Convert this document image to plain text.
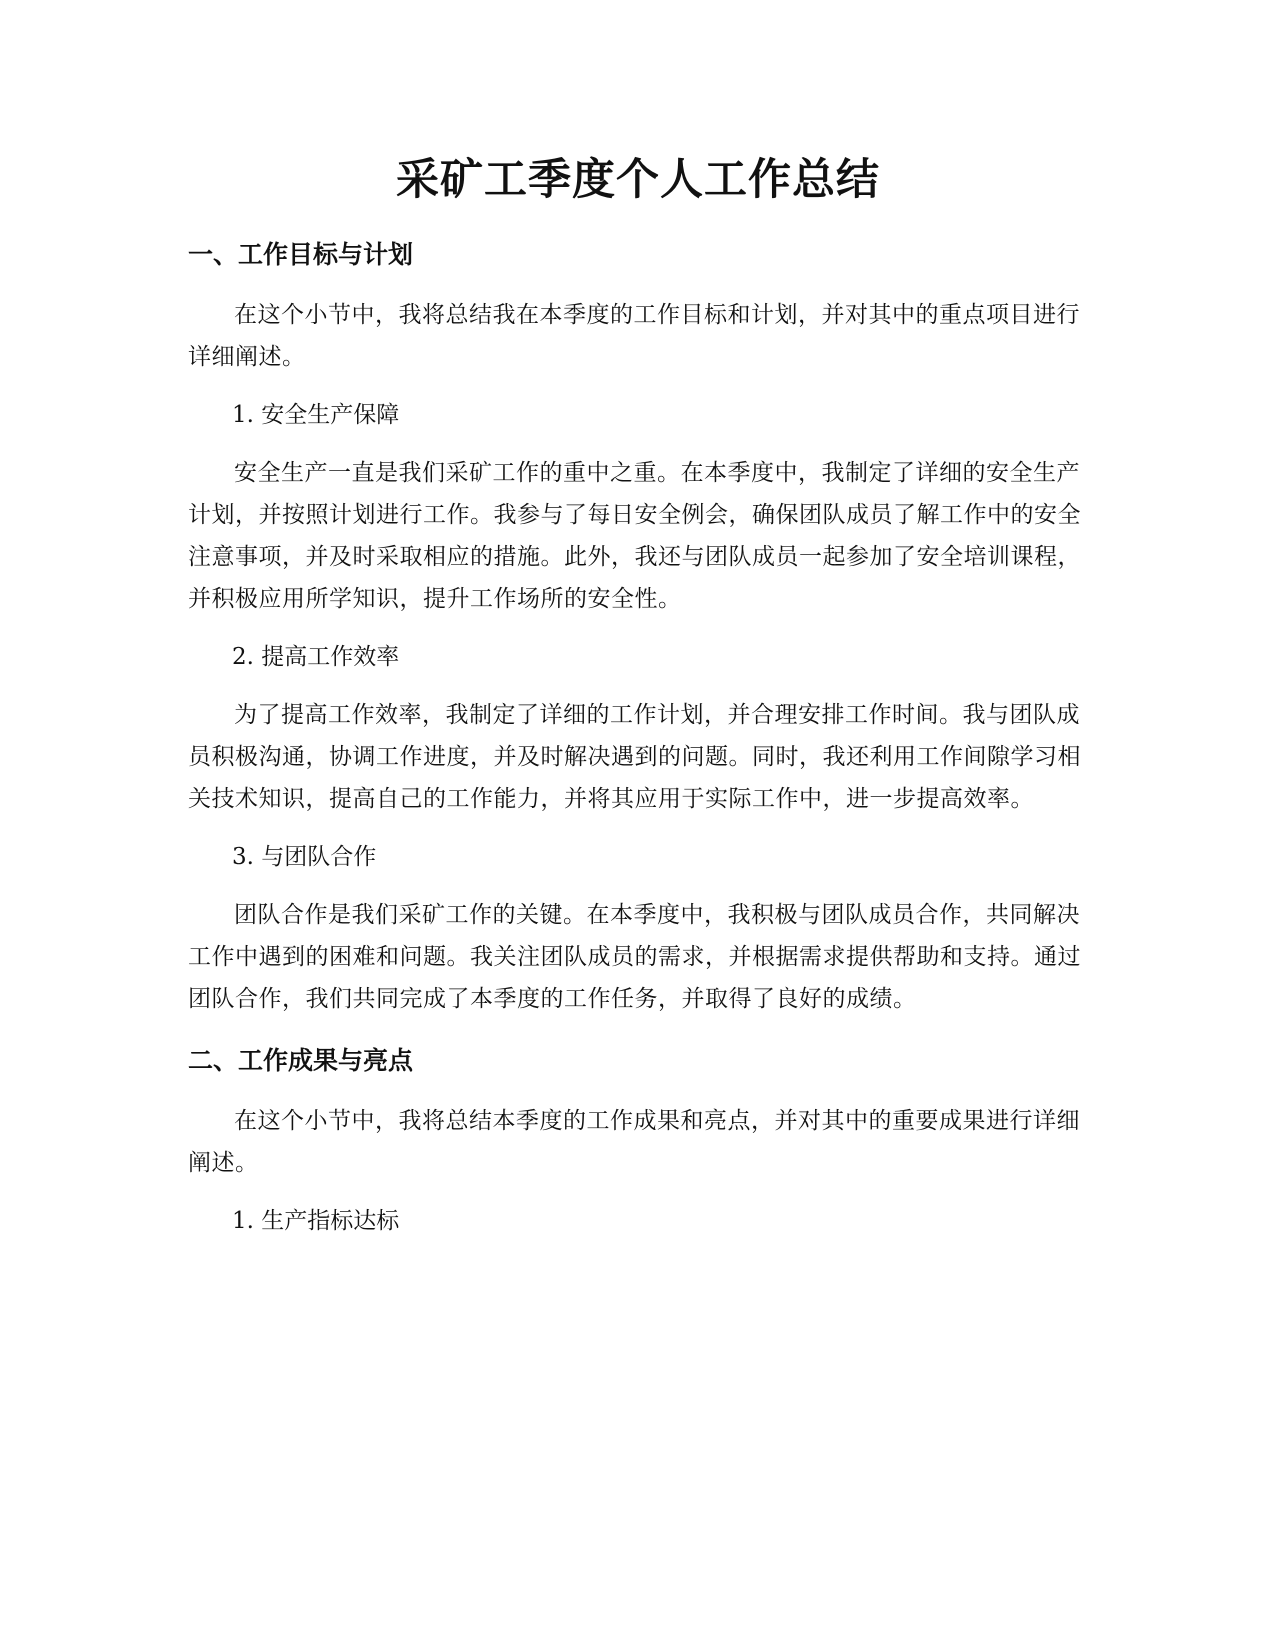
采矿工季度个人工作总结
一、工作目标与计划

在这个小节中，我将总结我在本季度的工作目标和计划，并对其中的重点项目进行详细阐述。

1. 安全生产保障

安全生产一直是我们采矿工作的重中之重。在本季度中，我制定了详细的安全生产计划，并按照计划进行工作。我参与了每日安全例会，确保团队成员了解工作中的安全注意事项，并及时采取相应的措施。此外，我还与团队成员一起参加了安全培训课程，并积极应用所学知识，提升工作场所的安全性。

2. 提高工作效率

为了提高工作效率，我制定了详细的工作计划，并合理安排工作时间。我与团队成员积极沟通，协调工作进度，并及时解决遇到的问题。同时，我还利用工作间隙学习相关技术知识，提高自己的工作能力，并将其应用于实际工作中，进一步提高效率。

3. 与团队合作

团队合作是我们采矿工作的关键。在本季度中，我积极与团队成员合作，共同解决工作中遇到的困难和问题。我关注团队成员的需求，并根据需求提供帮助和支持。通过团队合作，我们共同完成了本季度的工作任务，并取得了良好的成绩。

二、工作成果与亮点

在这个小节中，我将总结本季度的工作成果和亮点，并对其中的重要成果进行详细阐述。

1. 生产指标达标
